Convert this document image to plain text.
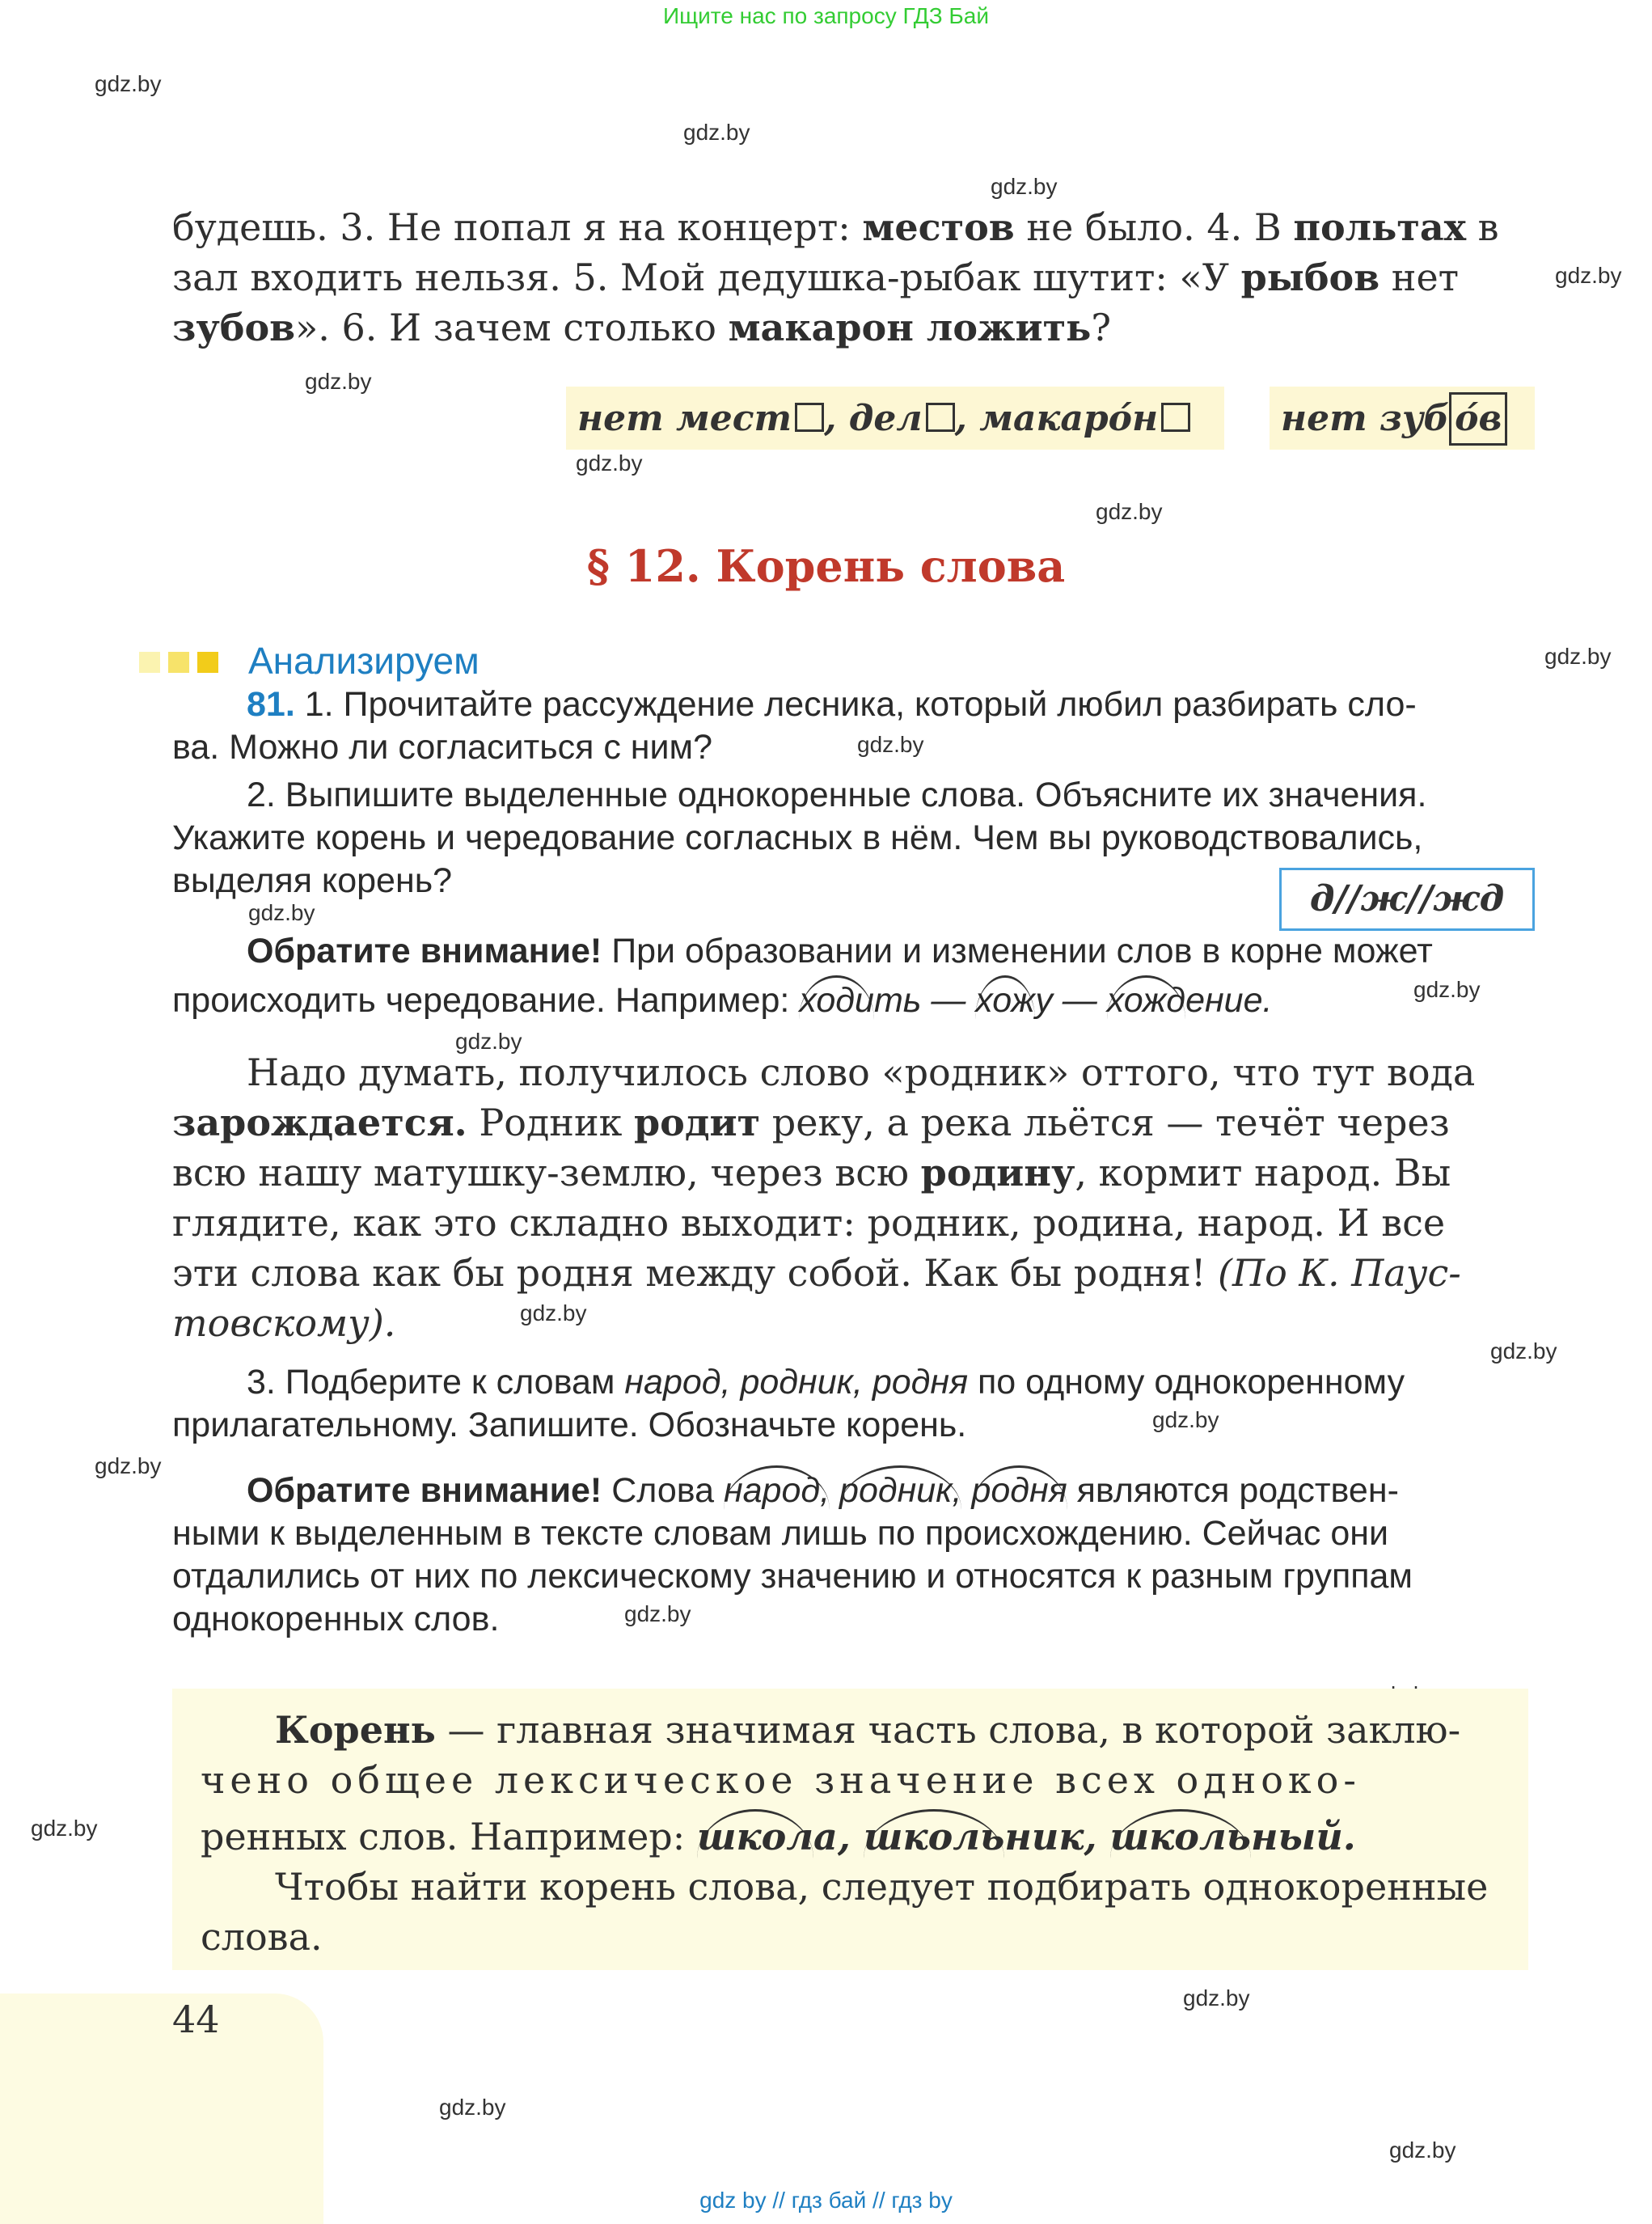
Ищите нас по запросу ГДЗ Бай
gdz.by
gdz.by
gdz.by
gdz.by
gdz.by
gdz.by
gdz.by
gdz.by
gdz.by
gdz.by
gdz.by
gdz.by
gdz.by
gdz.by
gdz.by
gdz.by
gdz.by
gdz.by
gdz.by
gdz.by
gdz.by
будешь. 3. Не попал я на концерт: местов не было. 4. В польтах в
зал входить нельзя. 5. Мой дедушка-рыбак шутит: «У рыбов нет
зубов». 6. И зачем столько макарон ложить?
нет мест , дел , макаро́н	нет зуб о́в
§ 12. Корень слова
Анализируем
81. 1. Прочитайте рассуждение лесника, который любил разбирать сло-
ва. Можно ли согласиться с ним?
2. Выпишите выделенные однокоренные слова. Объясните их значения.
Укажите корень и чередование согласных в нём. Чем вы руководствовались,
выделяя корень?	д//ж//жд
Обратите внимание! При образовании и изменении слов в корне может
происходить чередование. Например: ходить — хожу — хождение.
Надо думать, получилось слово «родник» оттого, что тут вода
зарождается. Родник родит реку, а река льётся — течёт через
всю нашу матушку-землю, через всю родину, кормит народ. Вы
глядите, как это складно выходит: родник, родина, народ. И все
эти слова как бы родня между собой. Как бы родня! (По К. Паус-
товскому).
3. Подберите к словам народ, родник, родня по одному однокоренному
прилагательному. Запишите. Обозначьте корень.
Обратите внимание! Слова народ, родник, родня являются родствен-
ными к выделенным в тексте словам лишь по происхождению. Сейчас они
отдалились от них по лексическому значению и относятся к разным группам
однокоренных слов.
Корень — главная значимая часть слова, в которой заклю-
чено общее лексическое значение всех одноко-
ренных слов. Например: школа, школьник, школьный.
Чтобы найти корень слова, следует подбирать однокоренные
слова.
44
gdz by // гдз бай // гдз by
